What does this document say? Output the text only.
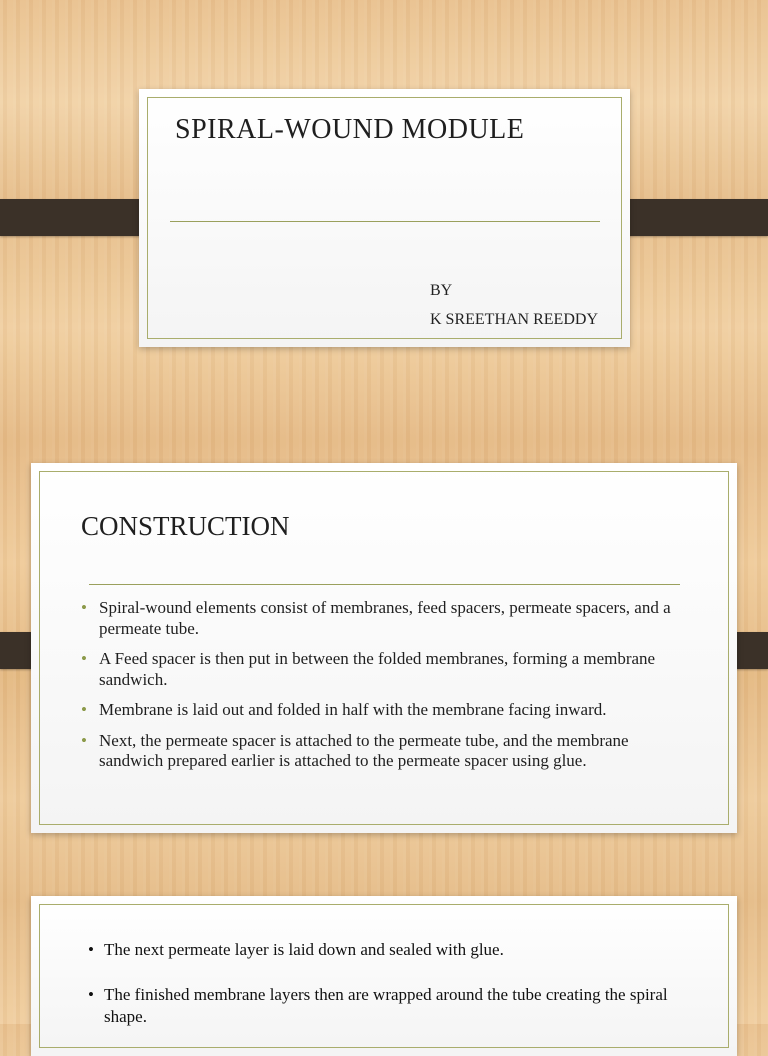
SPIRAL-WOUND MODULE
BY
K SREETHAN REEDDY
CONSTRUCTION
• Spiral-wound elements consist of membranes, feed spacers, permeate spacers, and a permeate tube.
• A Feed spacer is then put in between the folded membranes, forming a membrane sandwich.
• Membrane is laid out and folded in half with the membrane facing inward.
• Next, the permeate spacer is attached to the permeate tube, and the membrane sandwich prepared earlier is attached to the permeate spacer using glue.
• The next permeate layer is laid down and sealed with glue.
• The finished membrane layers then are wrapped around the tube creating the spiral shape.
